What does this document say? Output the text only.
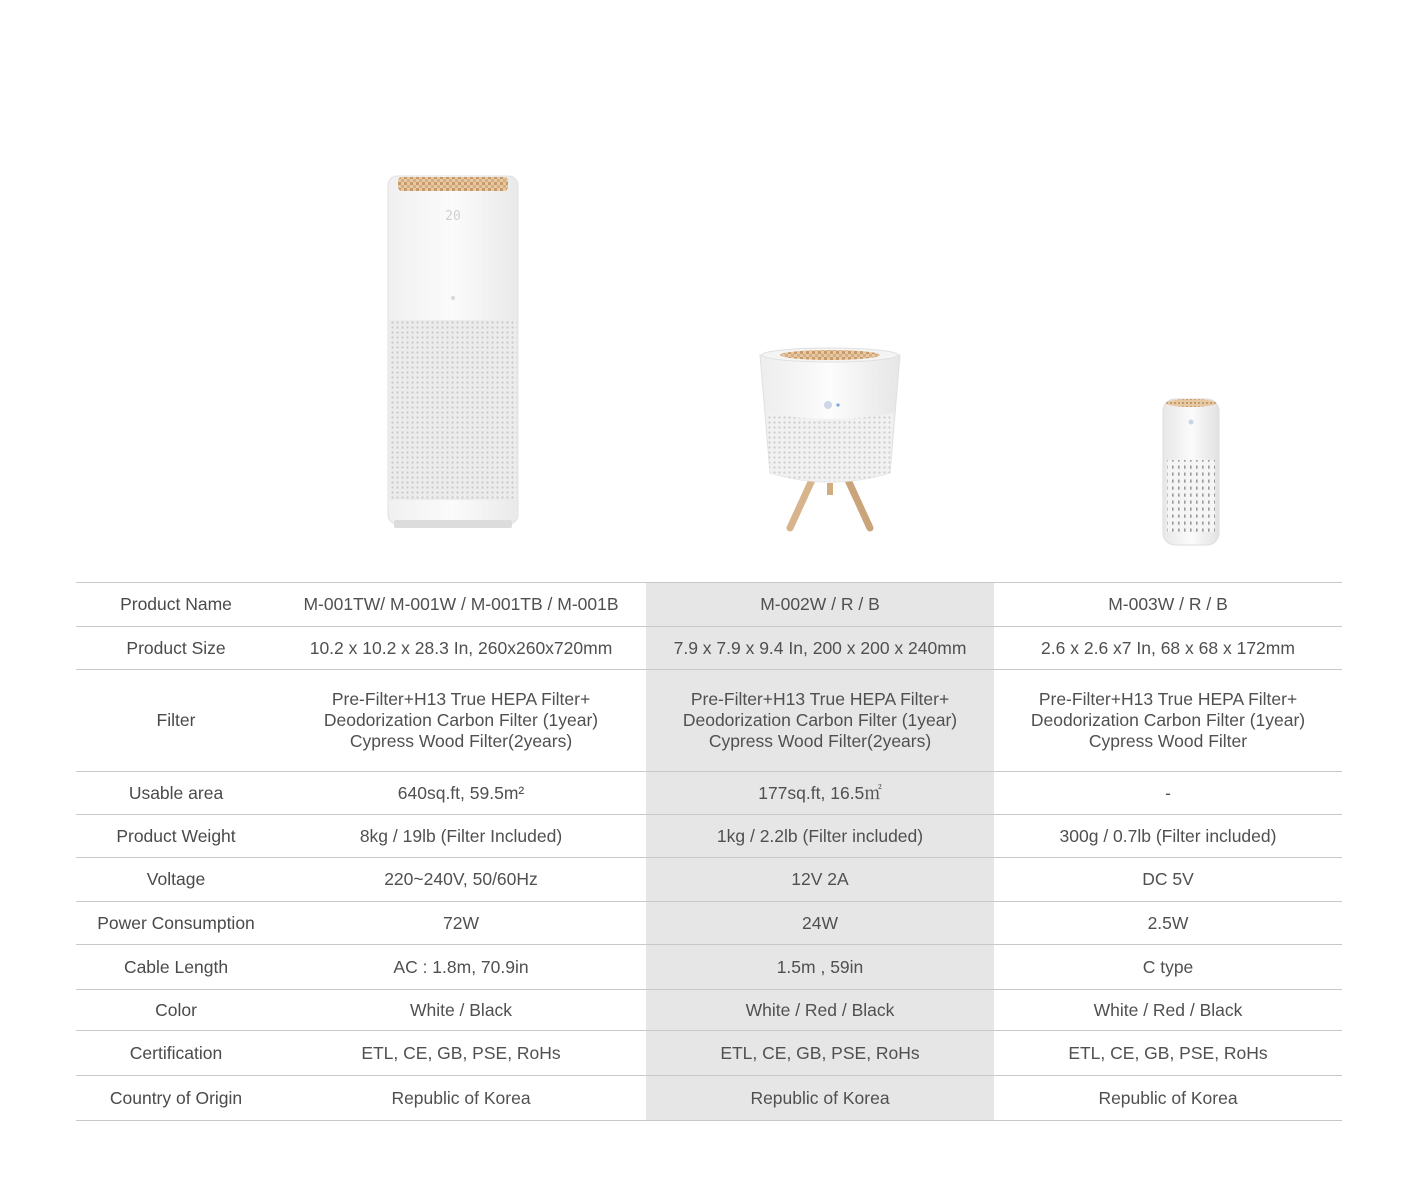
20
Product Name	M-001TW/ M-001W / M-001TB / M-001B	M-002W / R / B	M-003W / R / B
Product Size	10.2 x 10.2 x 28.3 In, 260x260x720mm	7.9 x 7.9 x 9.4 In, 200 x 200 x 240mm	2.6 x 2.6 x7 In, 68 x 68 x 172mm
Filter	Pre-Filter+H13 True HEPA Filter+
Deodorization Carbon Filter (1year)
Cypress Wood Filter(2years)	Pre-Filter+H13 True HEPA Filter+
Deodorization Carbon Filter (1year)
Cypress Wood Filter(2years)	Pre-Filter+H13 True HEPA Filter+
Deodorization Carbon Filter (1year)
Cypress Wood Filter

Usable area	640sq.ft, 59.5m²	177sq.ft, 16.5㎡	-
Product Weight	8kg / 19lb (Filter Included)	1kg / 2.2lb (Filter included)	300g / 0.7lb (Filter included)
Voltage	220~240V, 50/60Hz	12V 2A	DC 5V
Power Consumption	72W	24W	2.5W
Cable Length	AC : 1.8m, 70.9in	1.5m , 59in	C type
Color	White / Black	White / Red / Black	White / Red / Black
Certification	ETL, CE, GB, PSE, RoHs	ETL, CE, GB, PSE, RoHs	ETL, CE, GB, PSE, RoHs
Country of Origin	Republic of Korea	Republic of Korea	Republic of Korea
